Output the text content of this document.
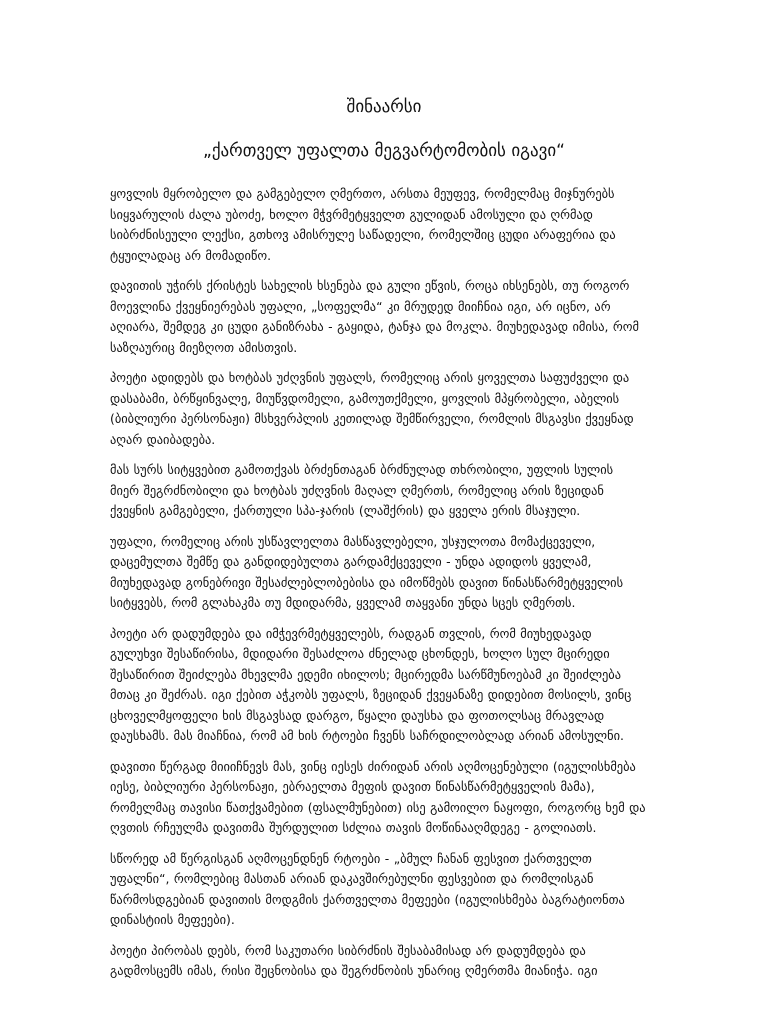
შინაარსი
„ქართველ უფალთა მეგვარტომობის იგავი“

ყოვლის მყრობელო და გამგებელო ღმერთო, არსთა მეუფევ, რომელმაც მიჯნურებს
სიყვარულის ძალა უბოძე, ხოლო მჭვრმეტყველთ გულიდან ამოსული და ღრმად
სიბრძნისეული ლექსი, გთხოვ ამისრულე საწადელი, რომელშიც ცუდი არაფერია და
ტყუილადაც არ მომადიწო.

დავითის უჭირს ქრისტეს სახელის ხსენება და გული ეწვის, როცა იხსენებს, თუ როგორ
მოევლინა ქვეყნიერებას უფალი, „სოფელმა“ კი მრუდედ მიიჩნია იგი, არ იცნო, არ
აღიარა, შემდეგ კი ცუდი განიზრახა - გაყიდა, ტანჯა და მოკლა. მიუხედავად იმისა, რომ
საზღაურიც მიეზღოთ ამისთვის.

პოეტი ადიდებს და ხოტბას უძღვნის უფალს, რომელიც არის ყოველთა საფუძველი და
დასაბამი, ბრწყინვალე, მიუწვდომელი, გამოუთქმელი, ყოვლის მპყრობელი, აბელის
(ბიბლიური პერსონაჟი) მსხვერპლის კეთილად შემწირველი, რომლის მსგავსი ქვეყნად
აღარ დაიბადება.

მას სურს სიტყვებით გამოთქვას ბრძენთაგან ბრძნულად თხრობილი, უფლის სულის
მიერ შეგრძნობილი და ხოტბას უძღვნის მაღალ ღმერთს, რომელიც არის ზეციდან
ქვეყნის გამგებელი, ქართული სპა-ჯარის (ლაშქრის) და ყველა ერის მსაჯული.

უფალი, რომელიც არის უსწავლელთა მასწავლებელი, უსჯულოთა მომაქცეველი,
დაცემულთა შემწე და განდიდებულთა გარდამქცეველი - უნდა ადიდოს ყველამ,
მიუხედავად გონებრივი შესაძლებლობებისა და იმოწმებს დავით წინასწარმეტყველის
სიტყვებს, რომ გლახაკმა თუ მდიდარმა, ყველამ თაყვანი უნდა სცეს ღმერთს.

პოეტი არ დადუმდება და იმჭევრმეტყველებს, რადგან თვლის, რომ მიუხედავად
გულუხვი შესაწირისა, მდიდარი შესაძლოა ძნელად ცხონდეს, ხოლო სულ მცირედი
შესაწირით შეიძლება მხევლმა ედემი იხილოს; მცირედმა სარწმუნოებამ კი შეიძლება
მთაც კი შეძრას. იგი ქებით აჭკობს უფალს, ზეციდან ქვეყანაზე დიდებით მოსილს, ვინც
ცხოველმყოფელი ხის მსგავსად დარგო, წყალი დაუსხა და ფოთოლსაც მრავლად
დაუსხამს. მას მიაჩნია, რომ ამ ხის რტოები ჩვენს საჩრდილობლად არიან ამოსულნი.

დავითი წერგად მიიიჩნევს მას, ვინც იესეს ძირიდან არის აღმოცენებული (იგულისხმება
იესე, ბიბლიური პერსონაჟი, ებრაელთა მეფის დავით წინასწარმეტყველის მამა),
რომელმაც თავისი წათქვამებით (ფსალმუნებით) ისე გამოილო ნაყოფი, როგორც ხემ და
ღვთის რჩეულმა დავითმა შურდულით სძლია თავის მოწინააღმდეგე - გოლიათს.

სწორედ ამ წერგისგან აღმოცენდნენ რტოები - „ბმულ ჩანან ფესვით ქართველთ
უფალნი“, რომლებიც მასთან არიან დაკავშირებულნი ფესვებით და რომლისგან
წარმოსდგებიან დავითის მოდგმის ქართველთა მეფეები (იგულისხმება ბაგრატიონთა
დინასტიის მეფეები).

პოეტი პირობას დებს, რომ საკუთარი სიბრძნის შესაბამისად არ დადუმდება და
გადმოსცემს იმას, რისი შეცნობისა და შეგრძნობის უნარიც ღმერთმა მიანიჭა. იგი
